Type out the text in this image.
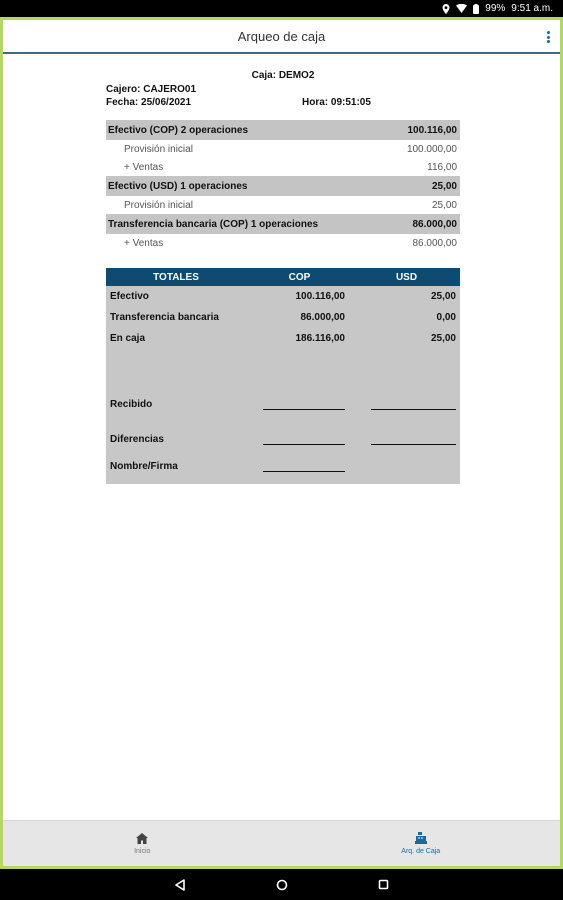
99% 9:51 a.m.
Arqueo de caja
Caja: DEMO2
Cajero: CAJERO01
Fecha: 25/06/2021	Hora: 09:51:05
Efectivo (COP) 2 operaciones	100.116,00
Provisión inicial	100.000,00
+ Ventas	116,00
Efectivo (USD) 1 operaciones	25,00
Provisión inicial	25,00
Transferencia bancaria (COP) 1 operaciones	86.000,00
+ Ventas	86.000,00
TOTALES	COP	USD
Efectivo	100.116,00	25,00
Transferencia bancaria	86.000,00	0,00
En caja	186.116,00	25,00
Recibido
Diferencias
Nombre/Firma
Inicio	Arq. de Caja
